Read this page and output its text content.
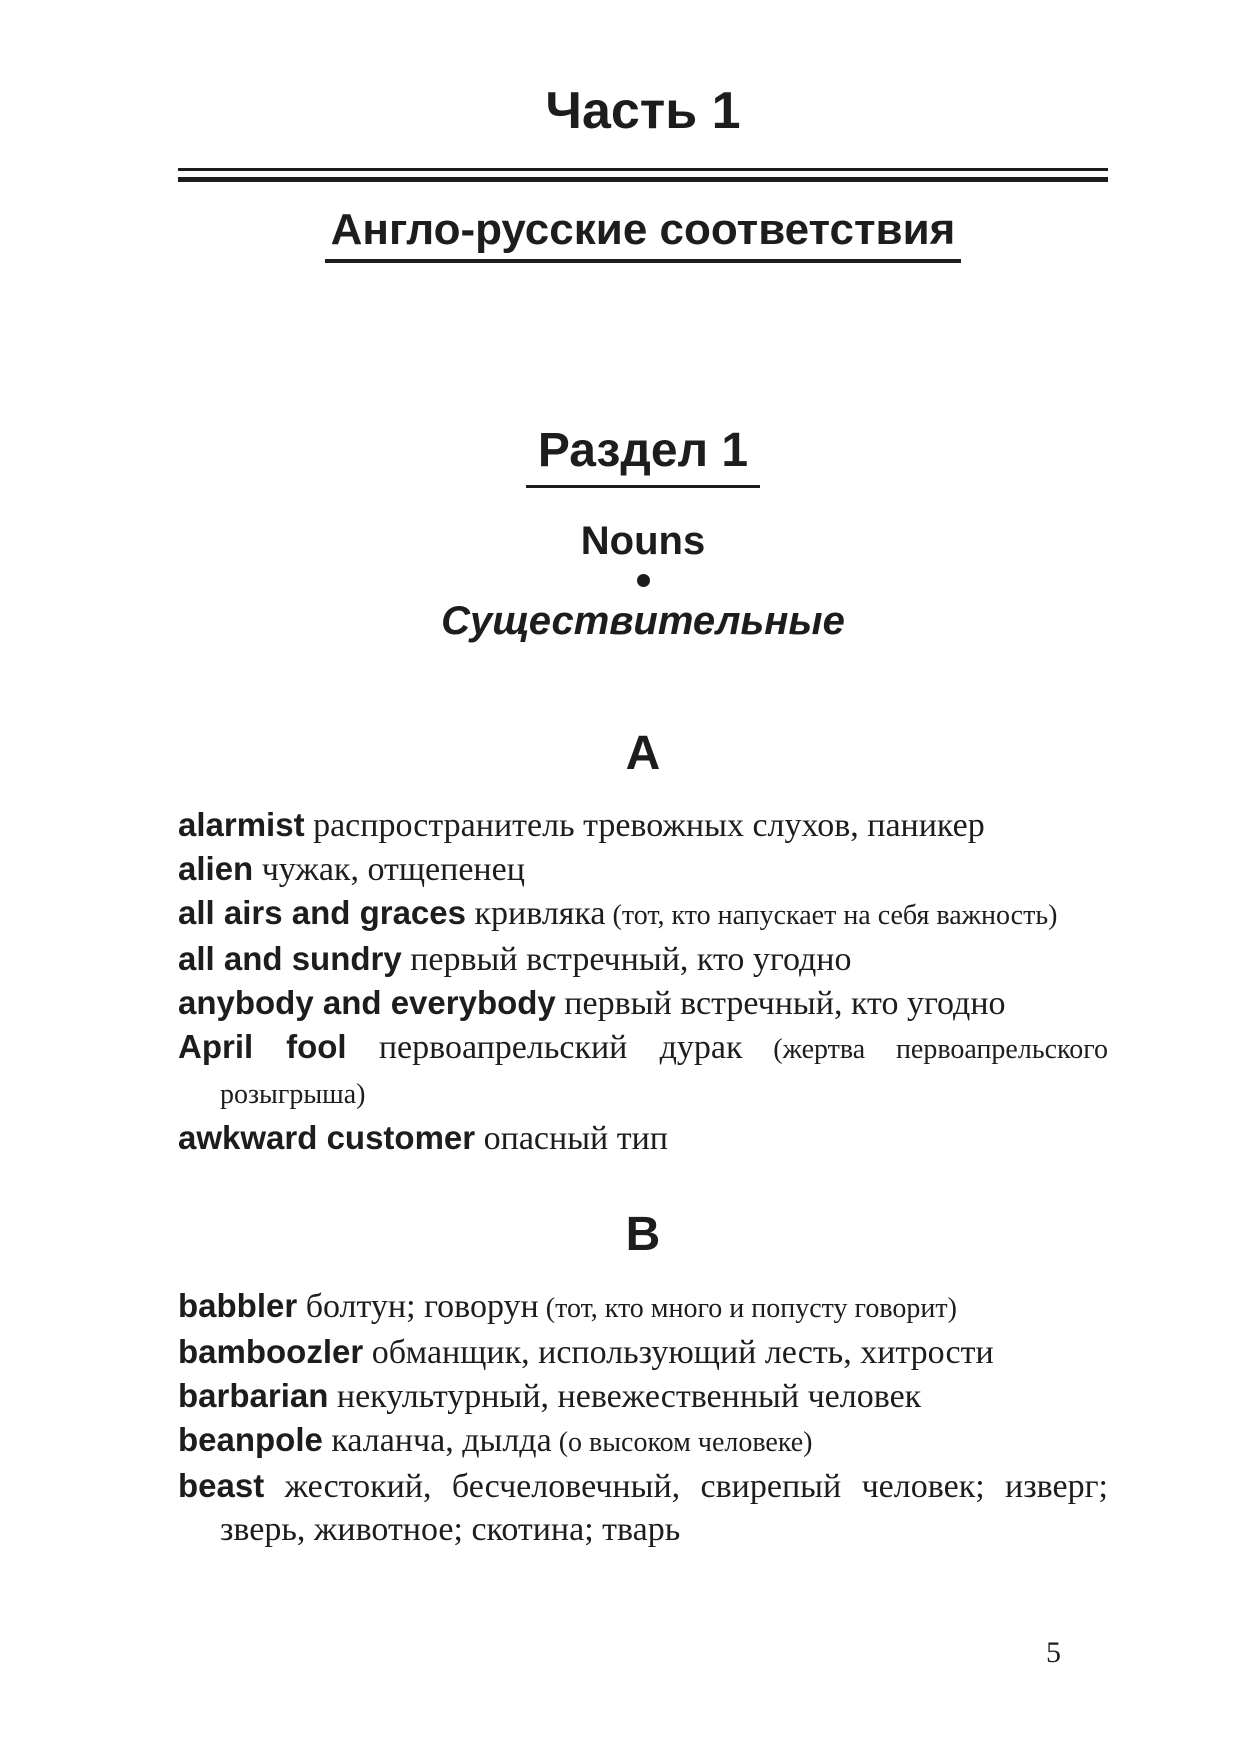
Часть 1
Англо-русские соответствия
Раздел 1
Nouns
Существительные
A

alarmist распространитель тревожных слухов, паникер

alien чужак, отщепенец

all airs and graces кривляка (тот, кто напускает на себя важность)

all and sundry первый встречный, кто угодно

anybody and everybody первый встречный, кто угодно

April fool первоапрельский дурак (жертва первоапрельского розыгрыша)

awkward customer опасный тип

B

babbler болтун; говорун (тот, кто много и попусту говорит)

bamboozler обманщик, использующий лесть, хитрости

barbarian некультурный, невежественный человек

beanpole каланча, дылда (о высоком человеке)

beast жестокий, бесчеловечный, свирепый человек; изверг; зверь, животное; скотина; тварь

5
